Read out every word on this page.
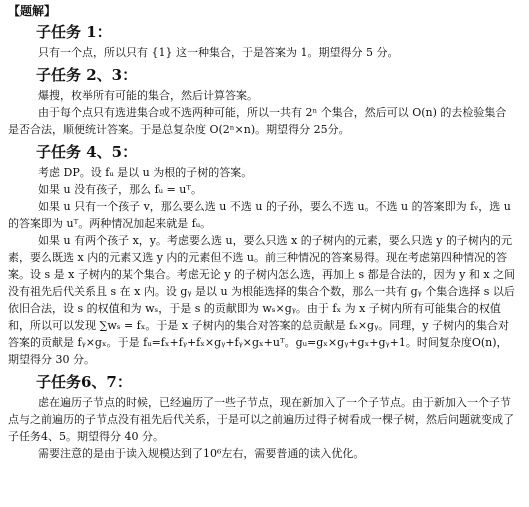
【题解】
子任务 1：

只有一个点，所以只有 {1} 这一种集合，于是答案为 1。期望得分 5 分。

子任务 2、3：

爆搜，枚举所有可能的集合，然后计算答案。

由于每个点只有选进集合或不选两种可能，所以一共有 2ⁿ 个集合，然后可以 O(n) 的去检验集合是否合法，顺便统计答案。于是总复杂度 O(2ⁿ×n)。期望得分 25分。

子任务 4、5：

考虑 DP。设 fᵤ 是以 u 为根的子树的答案。

如果 u 没有孩子，那么 fᵤ = uᵀ。

如果 u 只有一个孩子 v，那么要么选 u 不选 u 的子孙，要么不选 u。不选 u 的答案即为 fᵥ，选 u 的答案即为 uᵀ。两种情况加起来就是 fᵤ。

如果 u 有两个孩子 x，y。考虑要么选 u，要么只选 x 的子树内的元素，要么只选 y 的子树内的元素，要么既选 x 内的元素又选 y 内的元素但不选 u。前三种情况的答案易得。现在考虑第四种情况的答案。设 s 是 x 子树内的某个集合。考虑无论 y 的子树内怎么选，再加上 s 都是合法的，因为 y 和 x 之间没有祖先后代关系且 s 在 x 内。设 gᵧ 是以 u 为根能选择的集合个数，那么一共有 gᵧ 个集合选择 s 以后依旧合法，设 s 的权值和为 wₛ，于是 s 的贡献即为 wₛ×gᵧ。由于 fₓ 为 x 子树内所有可能集合的权值和，所以可以发现 ∑wₛ = fₓ。于是 x 子树内的集合对答案的总贡献是 fₓ×gᵧ。同理，y 子树内的集合对答案的贡献是 fᵧ×gₓ。于是 fᵤ=fₓ+fᵧ+fₓ×gᵧ+fᵧ×gₓ+uᵀ。gᵤ=gₓ×gᵧ+gₓ+gᵧ+1。时间复杂度O(n)，期望得分 30 分。

子任务6、7：

虑在遍历子节点的时候，已经遍历了一些子节点，现在新加入了一个子节点。由于新加入一个子节点与之前遍历的子节点没有祖先后代关系，于是可以之前遍历过得子树看成一棵子树，然后问题就变成了子任务4、5。期望得分 40 分。

需要注意的是由于读入规模达到了10⁶左右，需要普通的读入优化。
